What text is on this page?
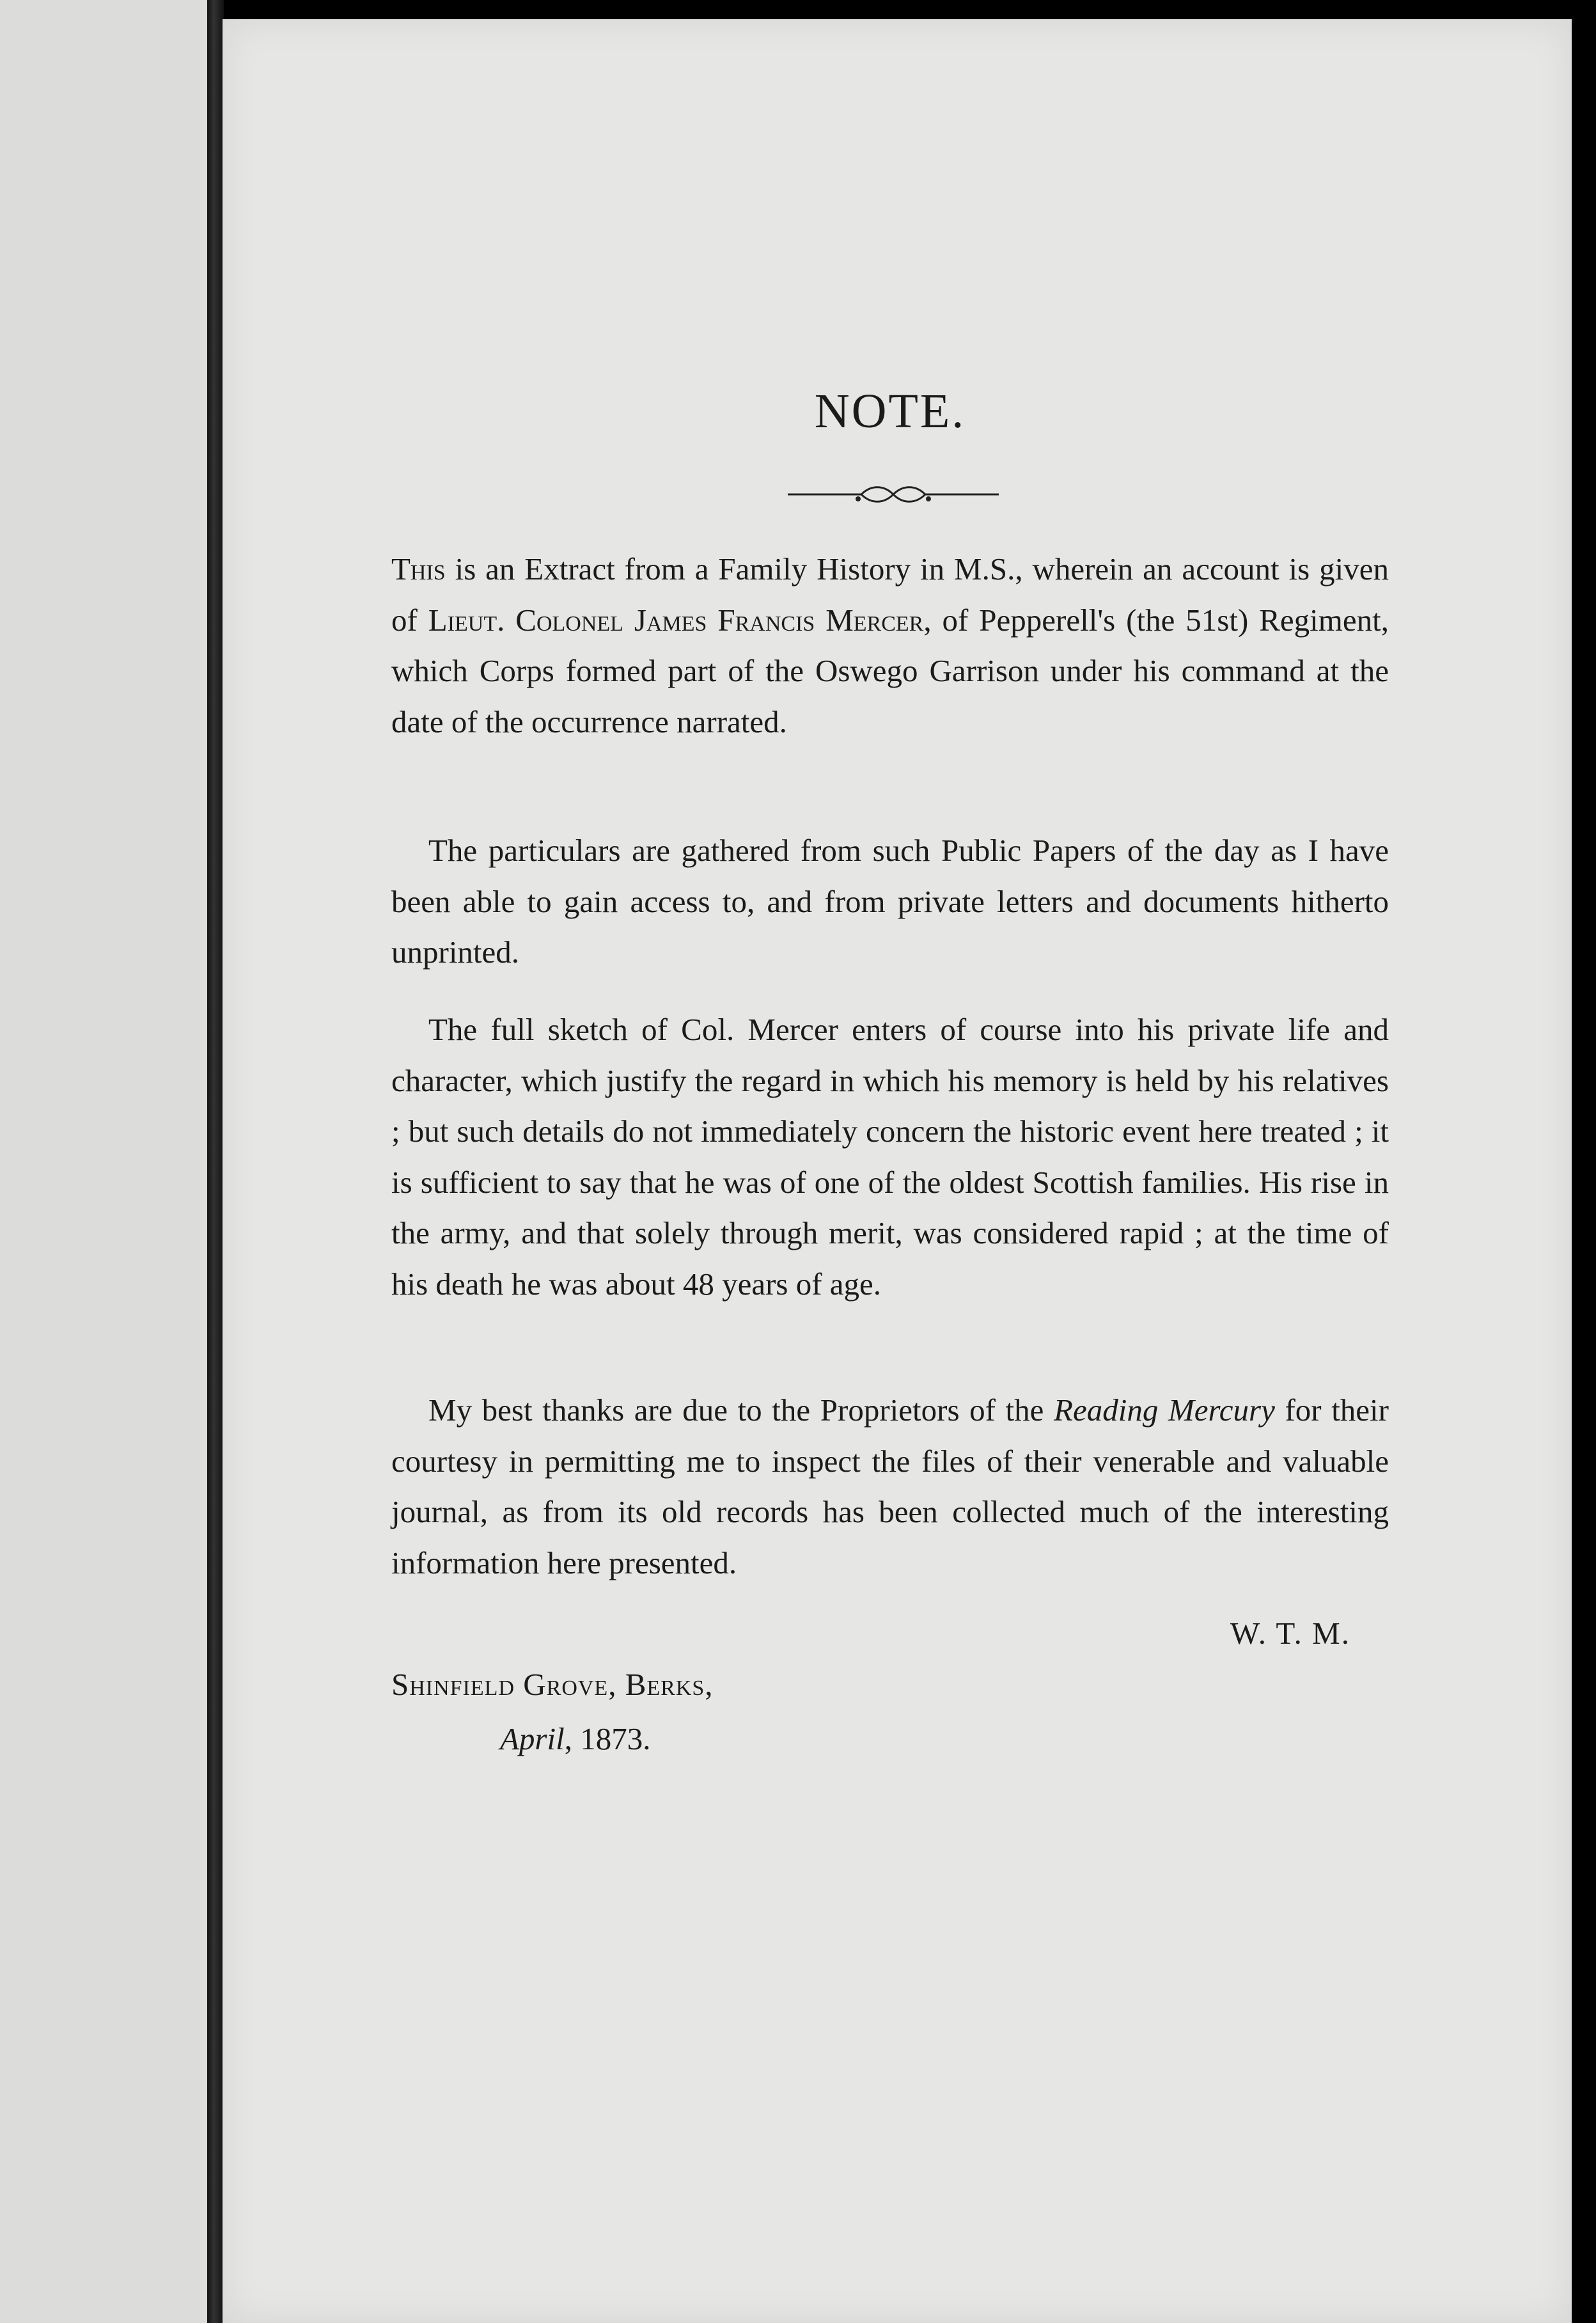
NOTE.

This is an Extract from a Family History in M.S., wherein an account is given of Lieut. Colonel James Francis Mercer, of Pepperell's (the 51st) Regiment, which Corps formed part of the Oswego Garrison under his command at the date of the occurrence narrated.

The particulars are gathered from such Public Papers of the day as I have been able to gain access to, and from private letters and documents hitherto unprinted.

The full sketch of Col. Mercer enters of course into his private life and character, which justify the regard in which his memory is held by his relatives ; but such details do not immediately concern the historic event here treated ; it is sufficient to say that he was of one of the oldest Scottish families. His rise in the army, and that solely through merit, was considered rapid ; at the time of his death he was about 48 years of age.

My best thanks are due to the Proprietors of the Reading Mercury for their courtesy in permitting me to inspect the files of their venerable and valuable journal, as from its old records has been collected much of the interesting information here presented.

W. T. M.
Shinfield Grove, Berks,
April, 1873.
